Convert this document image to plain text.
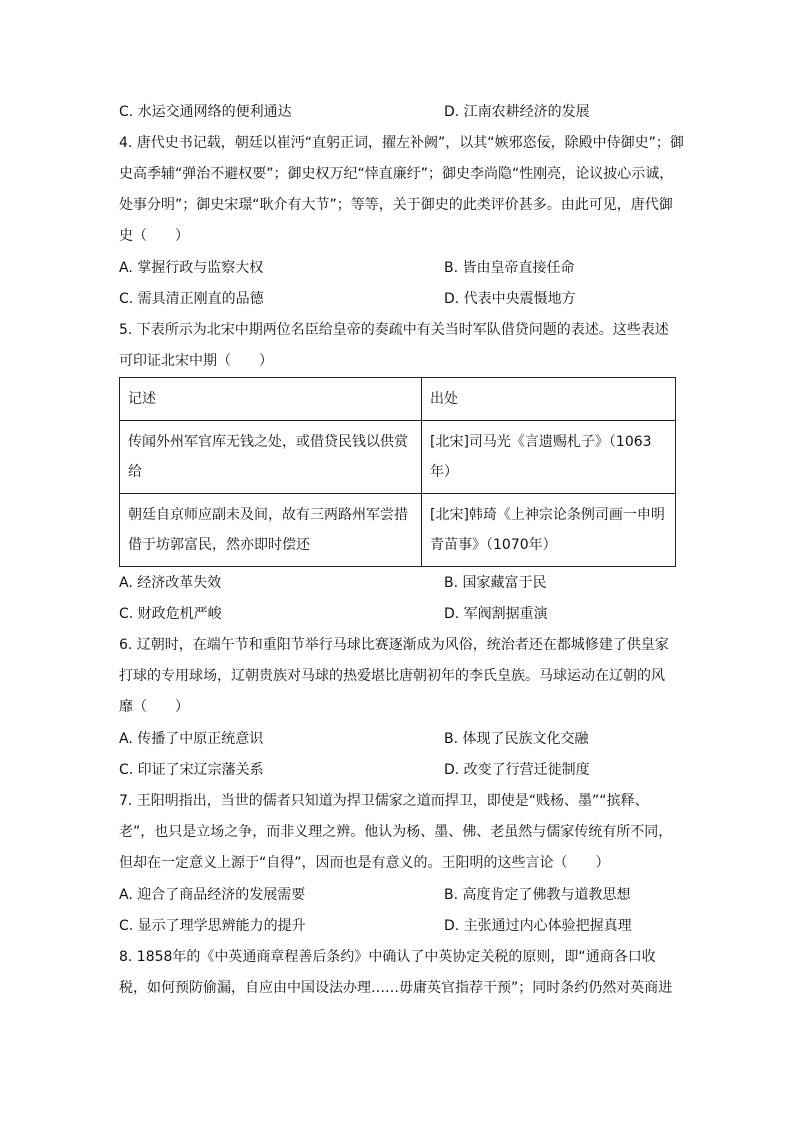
C. 水运交通网络的便利通达	D. 江南农耕经济的发展
4. 唐代史书记载，朝廷以崔沔“直躬正词，擢左补阙”，以其“嫉邪恣佞，除殿中侍御史”；御
史高季辅“弹治不避权要”；御史权万纪“悻直廉纡”；御史李尚隐“性刚亮，论议披心示诚，
处事分明”；御史宋璟“耿介有大节”；等等，关于御史的此类评价甚多。由此可见，唐代御
史（　　）
A. 掌握行政与监察大权	B. 皆由皇帝直接任命
C. 需具清正刚直的品德	D. 代表中央震慑地方
5. 下表所示为北宋中期两位名臣给皇帝的奏疏中有关当时军队借贷问题的表述。这些表述
可印证北宋中期（　　）
记述	出处
传闻外州军官库无钱之处，或借贷民钱以供赏给	[北宋]司马光《言遗赐札子》（1063年）
朝廷自京师应副未及间，故有三两路州军尝措借于坊郭富民，然亦即时偿还	[北宋]韩琦《上神宗论条例司画一申明青苗事》（1070年）
A. 经济改革失效	B. 国家藏富于民
C. 财政危机严峻	D. 军阀割据重演
6. 辽朝时，在端午节和重阳节举行马球比赛逐渐成为风俗，统治者还在都城修建了供皇家
打球的专用球场，辽朝贵族对马球的热爱堪比唐朝初年的李氏皇族。马球运动在辽朝的风
靡（　　）
A. 传播了中原正统意识	B. 体现了民族文化交融
C. 印证了宋辽宗藩关系	D. 改变了行营迁徙制度
7. 王阳明指出，当世的儒者只知道为捍卫儒家之道而捍卫，即使是“贱杨、墨”“摈释、
老”，也只是立场之争，而非义理之辨。他认为杨、墨、佛、老虽然与儒家传统有所不同，
但却在一定意义上源于“自得”，因而也是有意义的。王阳明的这些言论（　　）
A. 迎合了商品经济的发展需要	B. 高度肯定了佛教与道教思想
C. 显示了理学思辨能力的提升	D. 主张通过内心体验把握真理
8. 1858年的《中英通商章程善后条约》中确认了中英协定关税的原则，即“通商各口收
税，如何预防偷漏，自应由中国设法办理……毋庸英官指荐干预”；同时条约仍然对英商进
